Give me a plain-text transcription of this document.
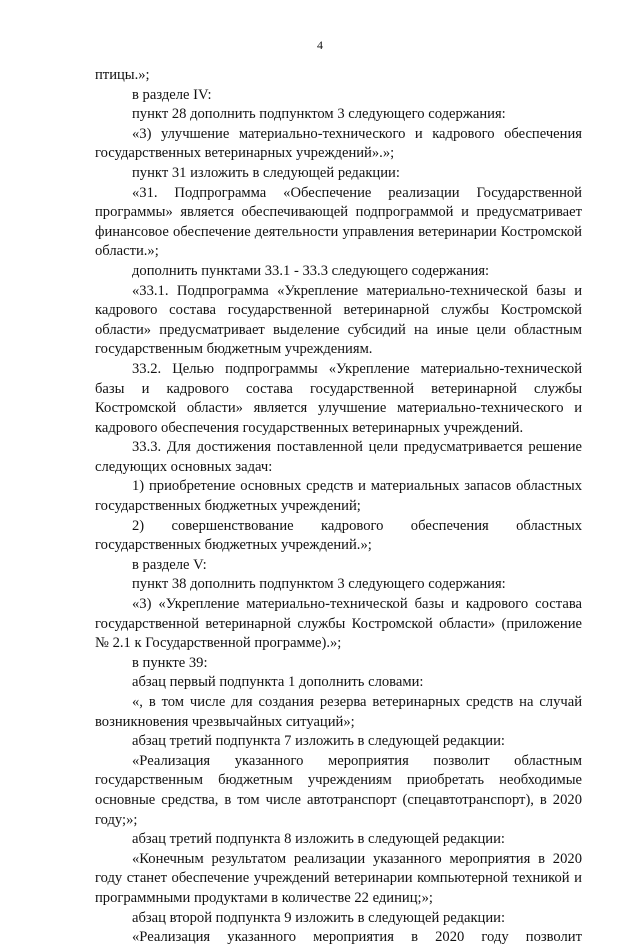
4

птицы.»;

в разделе IV:

пункт 28 дополнить подпунктом 3 следующего содержания:

«3) улучшение материально-технического и кадрового обеспечения государственных ветеринарных учреждений».»;

пункт 31 изложить в следующей редакции:

«31. Подпрограмма «Обеспечение реализации Государственной программы» является обеспечивающей подпрограммой и предусматривает финансовое обеспечение деятельности управления ветеринарии Костромской области.»;

дополнить пунктами 33.1 - 33.3 следующего содержания:

«33.1. Подпрограмма «Укрепление материально-технической базы и кадрового состава государственной ветеринарной службы Костромской области» предусматривает выделение субсидий на иные цели областным государственным бюджетным учреждениям.

33.2. Целью подпрограммы «Укрепление материально-технической базы и кадрового состава государственной ветеринарной службы Костромской области» является улучшение материально-технического и кадрового обеспечения государственных ветеринарных учреждений.

33.3. Для достижения поставленной цели предусматривается решение следующих основных задач:

1) приобретение основных средств и материальных запасов областных государственных бюджетных учреждений;

2) совершенствование кадрового обеспечения областных государственных бюджетных учреждений.»;

в разделе V:

пункт 38 дополнить подпунктом 3 следующего содержания:

«3) «Укрепление материально-технической базы и кадрового состава государственной ветеринарной службы Костромской области» (приложение № 2.1 к Государственной программе).»;

в пункте 39:

абзац первый подпункта 1 дополнить словами:

«, в том числе для создания резерва ветеринарных средств на случай возникновения чрезвычайных ситуаций»;

абзац третий подпункта 7 изложить в следующей редакции:

«Реализация указанного мероприятия позволит областным государственным бюджетным учреждениям приобретать необходимые основные средства, в том числе автотранспорт (спецавтотранспорт), в 2020 году;»;

абзац третий подпункта 8 изложить в следующей редакции:

«Конечным результатом реализации указанного мероприятия в 2020 году станет обеспечение учреждений ветеринарии компьютерной техникой и программными продуктами в количестве 22 единиц;»;

абзац второй подпункта 9 изложить в следующей редакции:

«Реализация указанного мероприятия в 2020 году позволит
